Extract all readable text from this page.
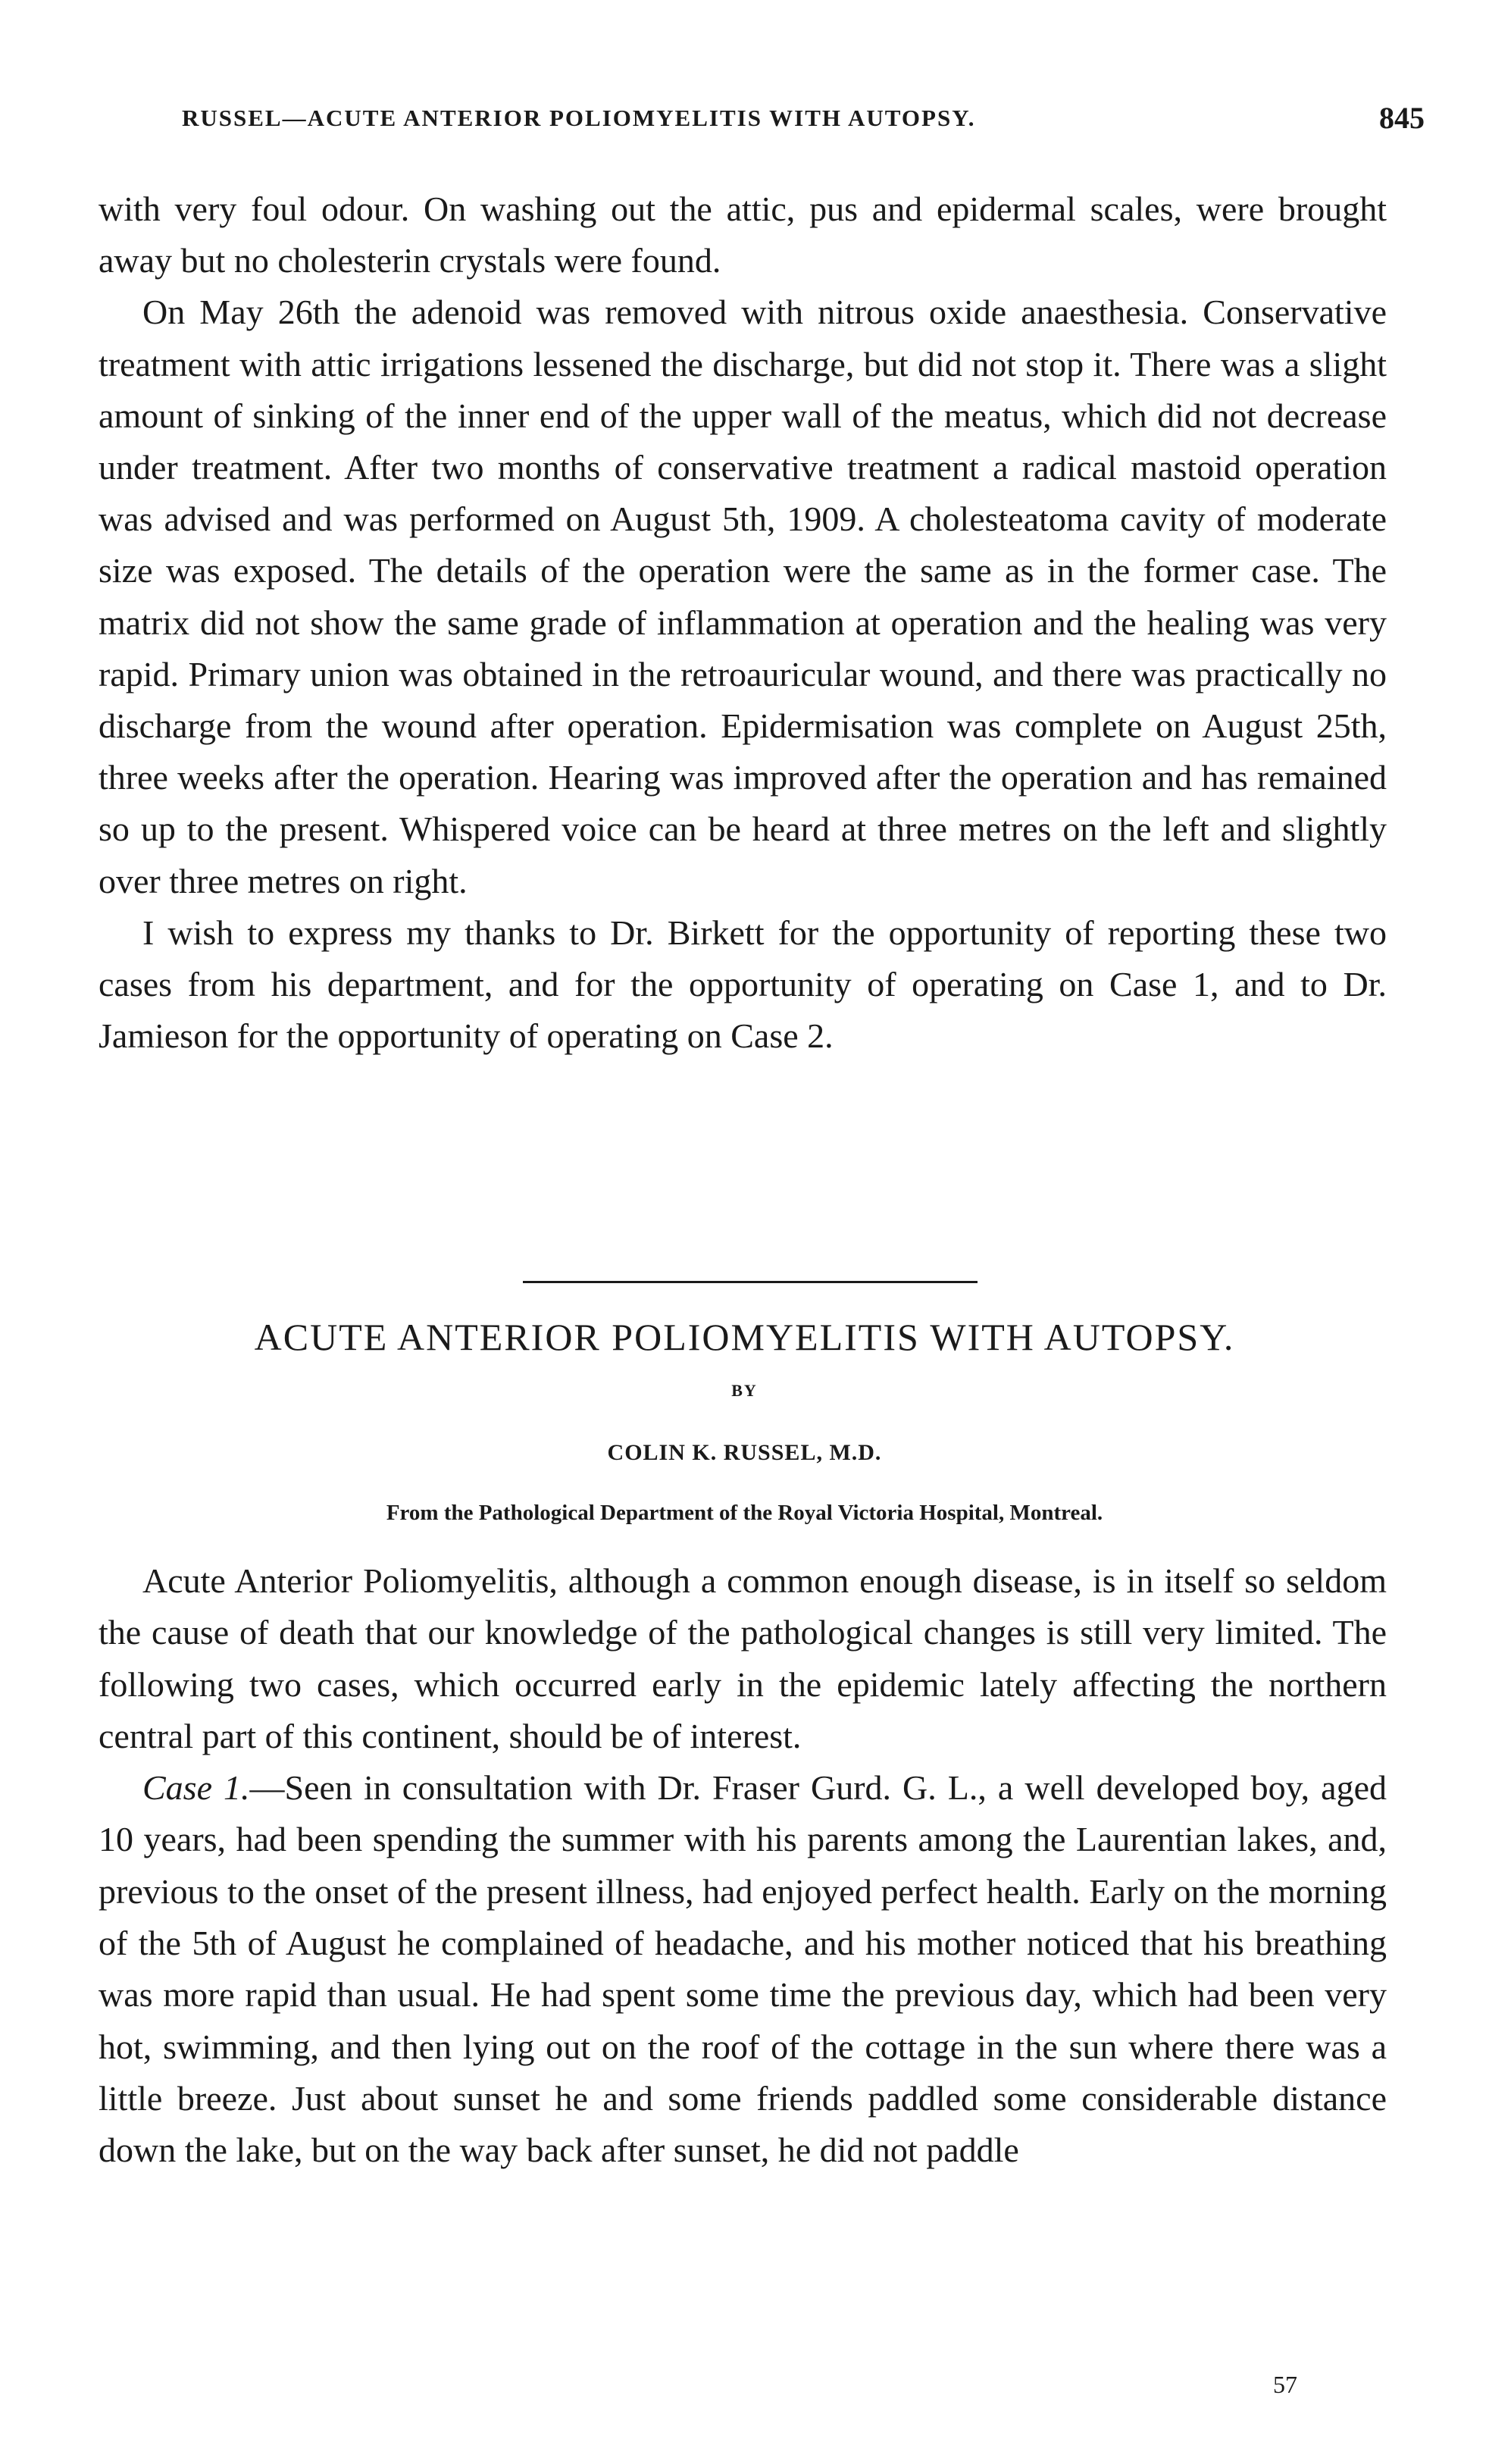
RUSSEL—ACUTE ANTERIOR POLIOMYELITIS WITH AUTOPSY.	845

with very foul odour. On washing out the attic, pus and epidermal scales, were brought away but no cholesterin crystals were found.

On May 26th the adenoid was removed with nitrous oxide anaesthesia. Conservative treatment with attic irrigations lessened the discharge, but did not stop it. There was a slight amount of sinking of the inner end of the upper wall of the meatus, which did not decrease under treatment. After two months of conservative treatment a radical mastoid operation was advised and was performed on August 5th, 1909. A cholesteatoma cavity of moderate size was exposed. The details of the operation were the same as in the former case. The matrix did not show the same grade of inflammation at operation and the healing was very rapid. Primary union was obtained in the retroauricular wound, and there was practically no discharge from the wound after operation. Epidermisation was complete on August 25th, three weeks after the operation. Hearing was improved after the operation and has remained so up to the present. Whispered voice can be heard at three metres on the left and slightly over three metres on right.

I wish to express my thanks to Dr. Birkett for the opportunity of reporting these two cases from his department, and for the opportunity of operating on Case 1, and to Dr. Jamieson for the opportunity of operating on Case 2.

ACUTE ANTERIOR POLIOMYELITIS WITH AUTOPSY.
BY
COLIN K. RUSSEL, M.D.
From the Pathological Department of the Royal Victoria Hospital, Montreal.

Acute Anterior Poliomyelitis, although a common enough disease, is in itself so seldom the cause of death that our knowledge of the pathological changes is still very limited. The following two cases, which occurred early in the epidemic lately affecting the northern central part of this continent, should be of interest.

Case 1.—Seen in consultation with Dr. Fraser Gurd. G. L., a well developed boy, aged 10 years, had been spending the summer with his parents among the Laurentian lakes, and, previous to the onset of the present illness, had enjoyed perfect health. Early on the morning of the 5th of August he complained of headache, and his mother noticed that his breathing was more rapid than usual. He had spent some time the previous day, which had been very hot, swimming, and then lying out on the roof of the cottage in the sun where there was a little breeze. Just about sunset he and some friends paddled some considerable distance down the lake, but on the way back after sunset, he did not paddle

57
